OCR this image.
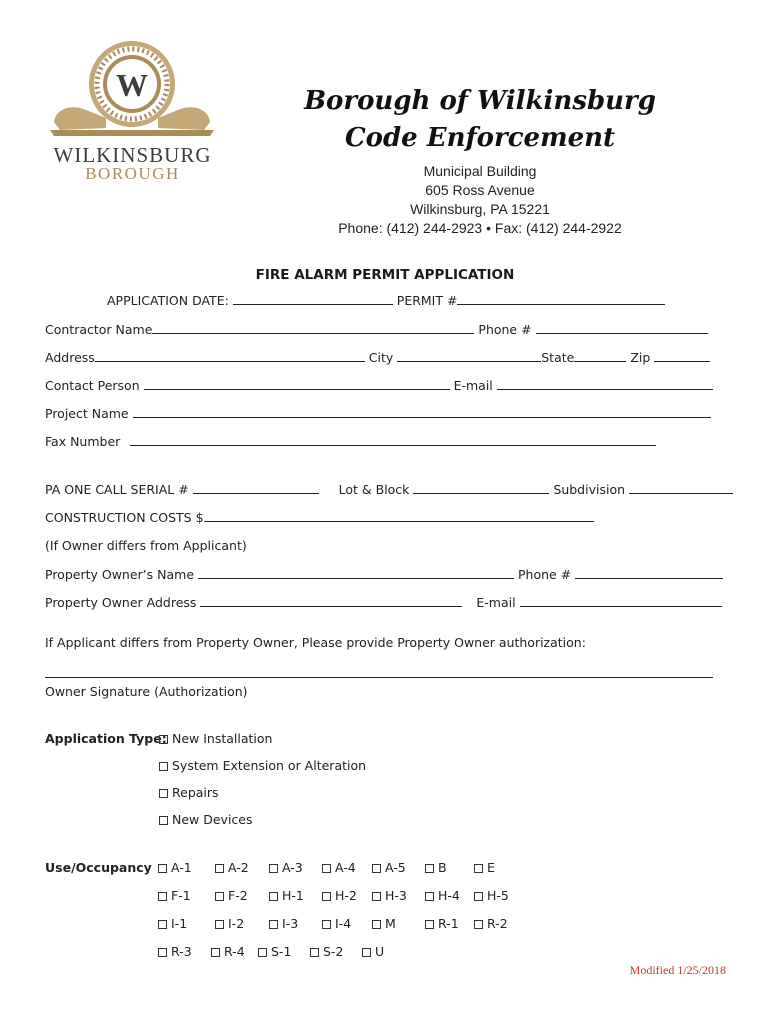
W
WILKINSBURG
BOROUGH
Borough of Wilkinsburg
Code Enforcement
Municipal Building
605 Ross Avenue
Wilkinsburg, PA 15221
Phone: (412) 244-2923 • Fax: (412) 244-2922
FIRE ALARM PERMIT APPLICATION
APPLICATION DATE:	PERMIT #
Contractor Name	Phone #
Address	City	State	Zip
Contact Person	E-mail
Project Name
Fax Number
PA ONE CALL SERIAL #	Lot & Block	Subdivision
CONSTRUCTION COSTS $
(If Owner differs from Applicant)
Property Owner’s Name	Phone #
Property Owner Address	E-mail
If Applicant differs from Property Owner, Please provide Property Owner authorization:
Owner Signature (Authorization)
Application Type: New Installation
System Extension or Alteration
Repairs
New Devices
Use/Occupancy	A-1	A-2	A-3	A-4	A-5	B	E
F-1	F-2	H-1	H-2	H-3	H-4	H-5
I-1	I-2	I-3	I-4	M	R-1	R-2
R-3	R-4	S-1	S-2	U
Modified 1/25/2018
